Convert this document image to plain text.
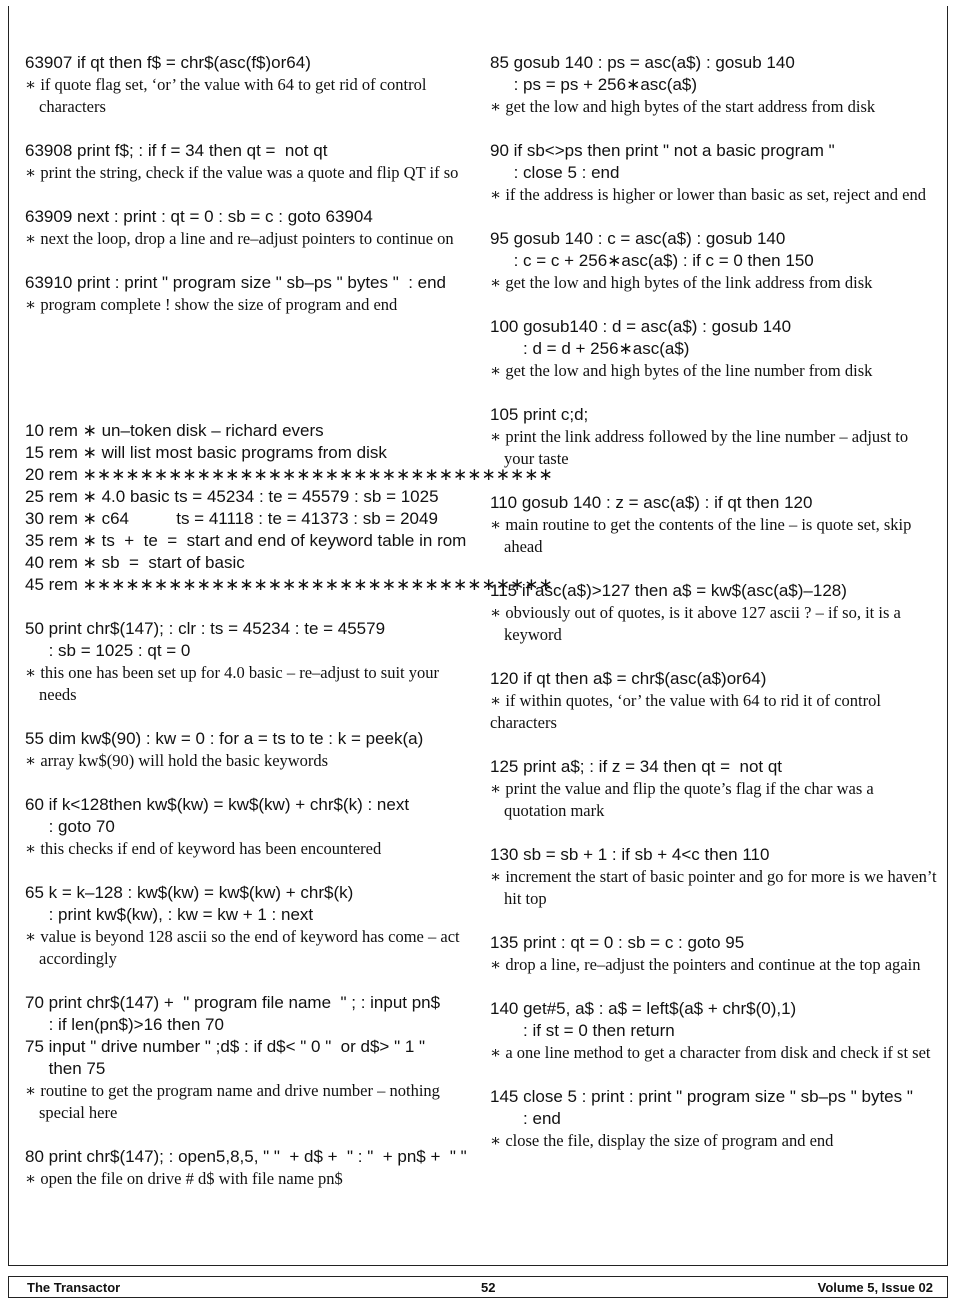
63907 if qt then f$ = chr$(asc(f$)or64)
∗ if quote flag set, ‘or’ the value with 64 to get rid of control characters
63908 print f$; : if f = 34 then qt =  not qt
∗ print the string, check if the value was a quote and flip QT if so
63909 next : print : qt = 0 : sb = c : goto 63904
∗ next the loop, drop a line and re–adjust pointers to continue on
63910 print : print " program size " sb–ps " bytes "  : end
∗ program complete ! show the size of program and end
10 rem ∗ un–token disk – richard evers
15 rem ∗ will list most basic programs from disk
20 rem ∗∗∗∗∗∗∗∗∗∗∗∗∗∗∗∗∗∗∗∗∗∗∗∗∗∗∗∗∗∗∗∗∗
25 rem ∗ 4.0 basic ts = 45234 : te = 45579 : sb = 1025
30 rem ∗ c64          ts = 41118 : te = 41373 : sb = 2049
35 rem ∗ ts  +  te  =  start and end of keyword table in rom
40 rem ∗ sb  =  start of basic
45 rem ∗∗∗∗∗∗∗∗∗∗∗∗∗∗∗∗∗∗∗∗∗∗∗∗∗∗∗∗∗∗∗∗∗
50 print chr$(147); : clr : ts = 45234 : te = 45579
: sb = 1025 : qt = 0
∗ this one has been set up for 4.0 basic – re–adjust to suit your needs
55 dim kw$(90) : kw = 0 : for a = ts to te : k = peek(a)
∗ array kw$(90) will hold the basic keywords
60 if k<128then kw$(kw) = kw$(kw) + chr$(k) : next
: goto 70
∗ this checks if end of keyword has been encountered
65 k = k–128 : kw$(kw) = kw$(kw) + chr$(k)
: print kw$(kw), : kw = kw + 1 : next
∗ value is beyond 128 ascii so the end of keyword has come – act accordingly
70 print chr$(147) +  " program file name  " ; : input pn$
: if len(pn$)>16 then 70
75 input " drive number " ;d$ : if d$< " 0 "  or d$> " 1 "
then 75
∗ routine to get the program name and drive number – nothing special here
80 print chr$(147); : open5,8,5, " "  + d$ +  " : "  + pn$ +  " "
∗ open the file on drive # d$ with file name pn$
85 gosub 140 : ps = asc(a$) : gosub 140
: ps = ps + 256∗asc(a$)
∗ get the low and high bytes of the start address from disk
90 if sb<>ps then print " not a basic program "
: close 5 : end
∗ if the address is higher or lower than basic as set, reject and end
95 gosub 140 : c = asc(a$) : gosub 140
: c = c + 256∗asc(a$) : if c = 0 then 150
∗ get the low and high bytes of the link address from disk
100 gosub140 : d = asc(a$) : gosub 140
: d = d + 256∗asc(a$)
∗ get the low and high bytes of the line number from disk
105 print c;d;
∗ print the link address followed by the line number – adjust to your taste
110 gosub 140 : z = asc(a$) : if qt then 120
∗ main routine to get the contents of the line – is quote set, skip ahead
115 if asc(a$)>127 then a$ = kw$(asc(a$)–128)
∗ obviously out of quotes, is it above 127 ascii ? – if so, it is a keyword
120 if qt then a$ = chr$(asc(a$)or64)
∗ if within quotes, ‘or’ the value with 64 to rid it of control characters
125 print a$; : if z = 34 then qt =  not qt
∗ print the value and flip the quote’s flag if the char was a quotation mark
130 sb = sb + 1 : if sb + 4<c then 110
∗ increment the start of basic pointer and go for more is we haven’t hit top
135 print : qt = 0 : sb = c : goto 95
∗ drop a line, re–adjust the pointers and continue at the top again
140 get#5, a$ : a$ = left$(a$ + chr$(0),1)
: if st = 0 then return
∗ a one line method to get a character from disk and check if st set
145 close 5 : print : print " program size " sb–ps " bytes "
: end
∗ close the file, display the size of program and end
The Transactor	52	Volume 5, Issue 02
